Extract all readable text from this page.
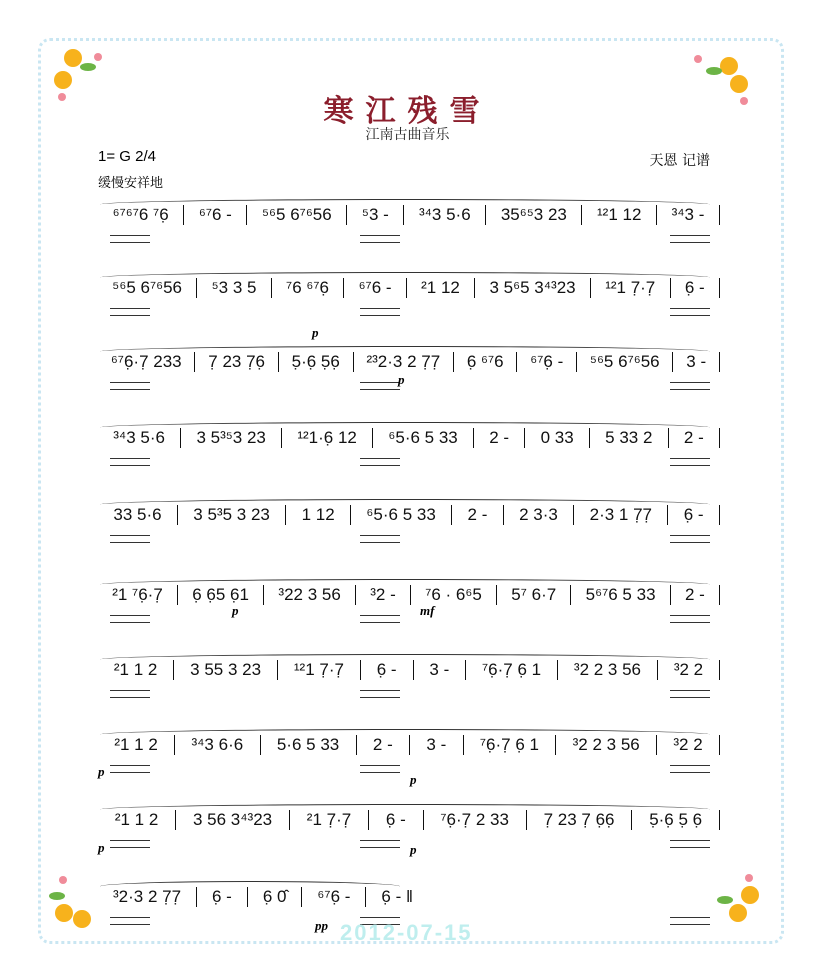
寒江残雪
江南古曲音乐
1= G 2/4
缓慢安祥地
天恩 记谱
⁶⁷⁶⁷6 ⁷6̣	⁶⁷6 -	⁵⁶5 6⁷⁶56	⁵3 -	³⁴3 5·6	35⁶⁵3 23	¹²1 12	³⁴3 -
⁵⁶5 6⁷⁶56	⁵3 3 5	⁷6 ⁶⁷6̣	⁶⁷6 -	²1 12	3 5⁶5 3⁴³23	¹²1 7̣·7̣	6̣ -
⁶⁷6̣·7̣ 233	7̣ 23 7̣6̣	5̣·6̣ 5̣6̣	²³2·3 2 7̣7̣	6̣ ⁶⁷6	⁶⁷6̣ -	⁵⁶5 6⁷⁶56	3 -
³⁴3 5·6	3 5³⁵3 23	¹²1·6̣ 12	⁶5·6 5 33	2 -	0 33	5 33 2	2 -
33 5·6	3 5³5 3 23	1 12	⁶5·6 5 33	2 -	2 3·3	2·3 1 7̣7̣	6̣ -
²1 ⁷6̣·7̣	6̣ 6̣5 6̣1	³22 3 56	³2 -	⁷6 · 6⁶5	5⁷ 6·7	5⁶⁷6 5 33	2 -
²1 1 2	3 55 3 23	¹²1 7̣·7̣	6̣ -	3 -	⁷6̣·7̣ 6̣ 1	³2 2 3 56	³2 2
²1 1 2	³⁴3 6·6	5·6 5 33	2 -	3 -	⁷6̣·7̣ 6̣ 1	³2 2 3 56	³2 2
²1 1 2	3 56 3⁴³23	²1 7̣·7̣	6̣ -	⁷6̣·7̣ 2 33	7̣ 23 7̣ 6̣6̣	5̣·6̣ 5̣ 6̣
³2·3 2 7̣7̣	6̣ -	6̣ 0̂	⁶⁷6̣ -	6̣ - ‖
p
p
p	mf
p
p
p	p
pp 2012-07-15
